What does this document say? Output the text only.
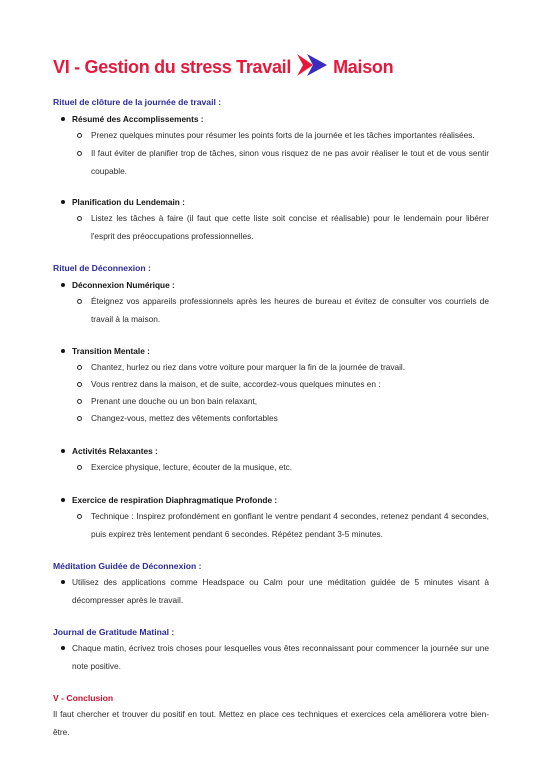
VI - Gestion du stress Travail Maison
Rituel de clôture de la journée de travail :
Résumé des Accomplissements :
Prenez quelques minutes pour résumer les points forts de la journée et les tâches importantes réalisées.
Il faut éviter de planifier trop de tâches, sinon vous risquez de ne pas avoir réaliser le tout et de vous sentir coupable.
Planification du Lendemain :
Listez les tâches à faire (il faut que cette liste soit concise et réalisable) pour le lendemain pour libérer l'esprit des préoccupations professionnelles.
Rituel de Déconnexion :
Déconnexion Numérique :
Éteignez vos appareils professionnels après les heures de bureau et évitez de consulter vos courriels de travail à la maison.
Transition Mentale :
Chantez, hurlez ou riez dans votre voiture pour marquer la fin de la journée de travail.
Vous rentrez dans la maison, et de suite, accordez-vous quelques minutes en :
Prenant une douche ou un bon bain relaxant,
Changez-vous, mettez des vêtements confortables
Activités Relaxantes :
Exercice physique, lecture, écouter de la musique, etc.
Exercice de respiration Diaphragmatique Profonde :
Technique : Inspirez profondément en gonflant le ventre pendant 4 secondes, retenez pendant 4 secondes, puis expirez très lentement pendant 6 secondes. Répétez pendant 3-5 minutes.
Méditation Guidée de Déconnexion :
Utilisez des applications comme Headspace ou Calm pour une méditation guidée de 5 minutes visant à décompresser après le travail.
Journal de Gratitude Matinal :
Chaque matin, écrivez trois choses pour lesquelles vous êtes reconnaissant pour commencer la journée sur une note positive.
V - Conclusion
Il faut chercher et trouver du positif en tout. Mettez en place ces techniques et exercices cela améliorera votre bien-être.
